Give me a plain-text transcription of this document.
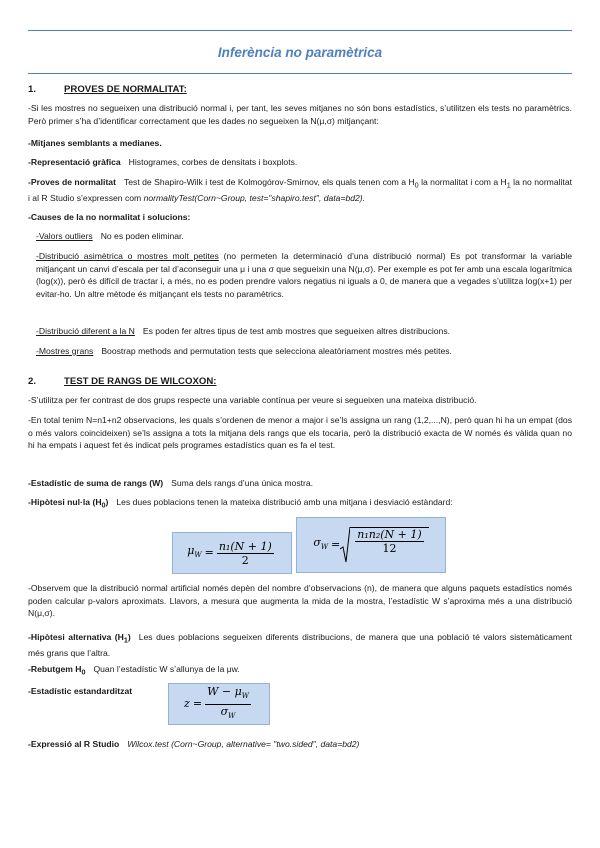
Inferència no paramètrica
1.	PROVES DE NORMALITAT:
-Si les mostres no segueixen una distribució normal i, per tant, les seves mitjanes no són bons estadístics, s’utilitzen els tests no paramètrics. Però primer s’ha d’identificar correctament que les dades no segueixen la N(μ,σ) mitjançant:
-Mitjanes semblants a medianes.
-Representació gràfica Histogrames, corbes de densitats i boxplots.
-Proves de normalitat Test de Shapiro-Wilk i test de Kolmogórov-Smirnov, els quals tenen com a $H_0$ la normalitat i com a $H_1$ la no normalitat i al R Studio s’expressen com normalityTest(Corn~Group, test="shapiro.test", data=bd2).
-Causes de la no normalitat i solucions:
-Valors outliers No es poden eliminar.
-Distribució asimètrica o mostres molt petites (no permeten la determinació d’una distribució normal) Es pot transformar la variable mitjançant un canvi d’escala per tal d’aconseguir una μ i una σ que segueixin una N(μ,σ). Per exemple es pot fer amb una escala logarítmica (log(x)), però és difícil de tractar i, a més, no es poden prendre valors negatius ni iguals a 0, de manera que a vegades s’utilitza log(x+1) per evitar-ho. Un altre mètode és mitjançant els tests no paramètrics.
-Distribució diferent a la N Es poden fer altres tipus de test amb mostres que segueixen altres distribucions.
-Mostres grans Boostrap methods and permutation tests que selecciona aleatòriament mostres més petites.
2.	TEST DE RANGS DE WILCOXON:
-S’utilitza per fer contrast de dos grups respecte una variable contínua per veure si segueixen una mateixa distribució.
-En total tenim N=n1+n2 observacions, les quals s’ordenen de menor a major i se’ls assigna un rang (1,2,...,N), però quan hi ha un empat (dos o més valors coincideixen) se’ls assigna a tots la mitjana dels rangs que els tocaria, però la distribució exacta de W només és vàlida quan no hi ha empats i aquest fet és indicat pels programes estadístics quan es fa el test.
-Estadístic de suma de rangs (W) Suma dels rangs d’una única mostra.
-Hipòtesi nul·la $(H_0)$ Les dues poblacions tenen la mateixa distribució amb una mitjana i desviació estàndard:
$\mu_W = \frac{\text{n₁(N + 1)}}{2}$	$\sigma_W = \frac{\text{n₁n₂(N + 1)}}{12}$
-Observem que la distribució normal artificial només depèn del nombre d’observacions (n), de manera que alguns paquets estadístics només poden calcular p-valors aproximats. Llavors, a mesura que augmenta la mida de la mostra, l’estadístic W s’aproxima més a una distribució N(μ,σ).
-Hipòtesi alternativa $(H_1)$ Les dues poblacions segueixen diferents distribucions, de manera que una població té valors sistemàticament més grans que l’altra.
-Rebutgem $H_0$ Quan l’estadístic W s’allunya de la μw.
-Estadístic estandarditzat
$z = \frac{W - \mu_W}{\sigma_W}$
-Expressió al R Studio Wilcox.test (Corn~Group, alternative= "two.sided", data=bd2)
